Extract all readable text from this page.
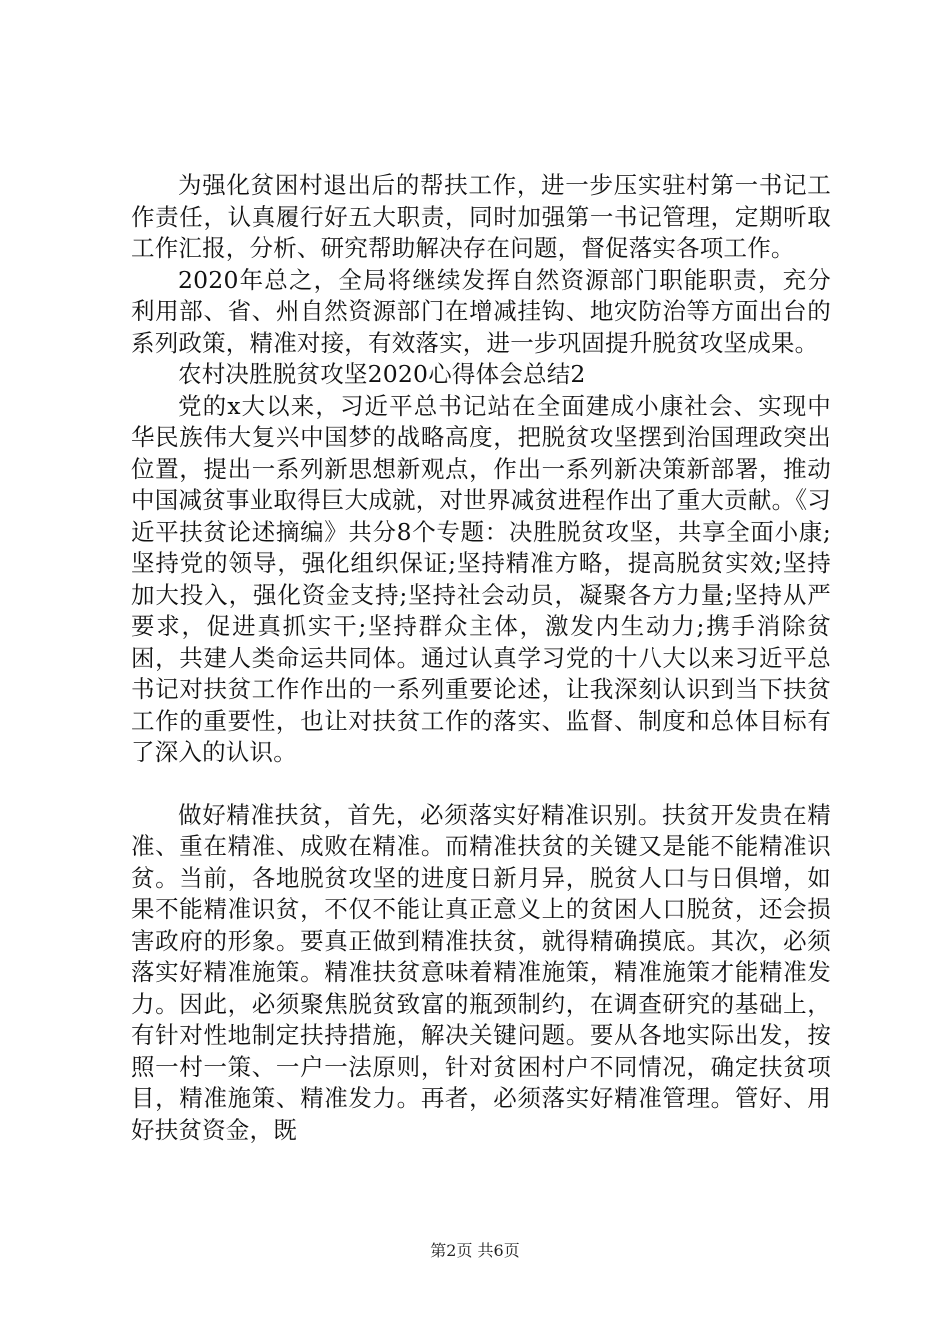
为强化贫困村退出后的帮扶工作，进一步压实驻村第一书记工作责任，认真履行好五大职责，同时加强第一书记管理，定期听取工作汇报，分析、研究帮助解决存在问题，督促落实各项工作。

2020年总之，全局将继续发挥自然资源部门职能职责，充分利用部、省、州自然资源部门在增减挂钩、地灾防治等方面出台的系列政策，精准对接，有效落实，进一步巩固提升脱贫攻坚成果。

农村决胜脱贫攻坚2020心得体会总结2

党的x大以来，习近平总书记站在全面建成小康社会、实现中华民族伟大复兴中国梦的战略高度，把脱贫攻坚摆到治国理政突出位置，提出一系列新思想新观点，作出一系列新决策新部署，推动中国减贫事业取得巨大成就，对世界减贫进程作出了重大贡献。《习近平扶贫论述摘编》共分8个专题：决胜脱贫攻坚，共享全面小康;坚持党的领导，强化组织保证;坚持精准方略，提高脱贫实效;坚持加大投入，强化资金支持;坚持社会动员，凝聚各方力量;坚持从严要求，促进真抓实干;坚持群众主体，激发内生动力;携手消除贫困，共建人类命运共同体。通过认真学习党的十八大以来习近平总书记对扶贫工作作出的一系列重要论述，让我深刻认识到当下扶贫工作的重要性，也让对扶贫工作的落实、监督、制度和总体目标有了深入的认识。

做好精准扶贫，首先，必须落实好精准识别。扶贫开发贵在精准、重在精准、成败在精准。而精准扶贫的关键又是能不能精准识贫。当前，各地脱贫攻坚的进度日新月异，脱贫人口与日俱增，如果不能精准识贫，不仅不能让真正意义上的贫困人口脱贫，还会损害政府的形象。要真正做到精准扶贫，就得精确摸底。其次，必须落实好精准施策。精准扶贫意味着精准施策，精准施策才能精准发力。因此，必须聚焦脱贫致富的瓶颈制约，在调查研究的基础上，有针对性地制定扶持措施，解决关键问题。要从各地实际出发，按照一村一策、一户一法原则，针对贫困村户不同情况，确定扶贫项目，精准施策、精准发力。再者，必须落实好精准管理。管好、用好扶贫资金，既

第2页 共6页
